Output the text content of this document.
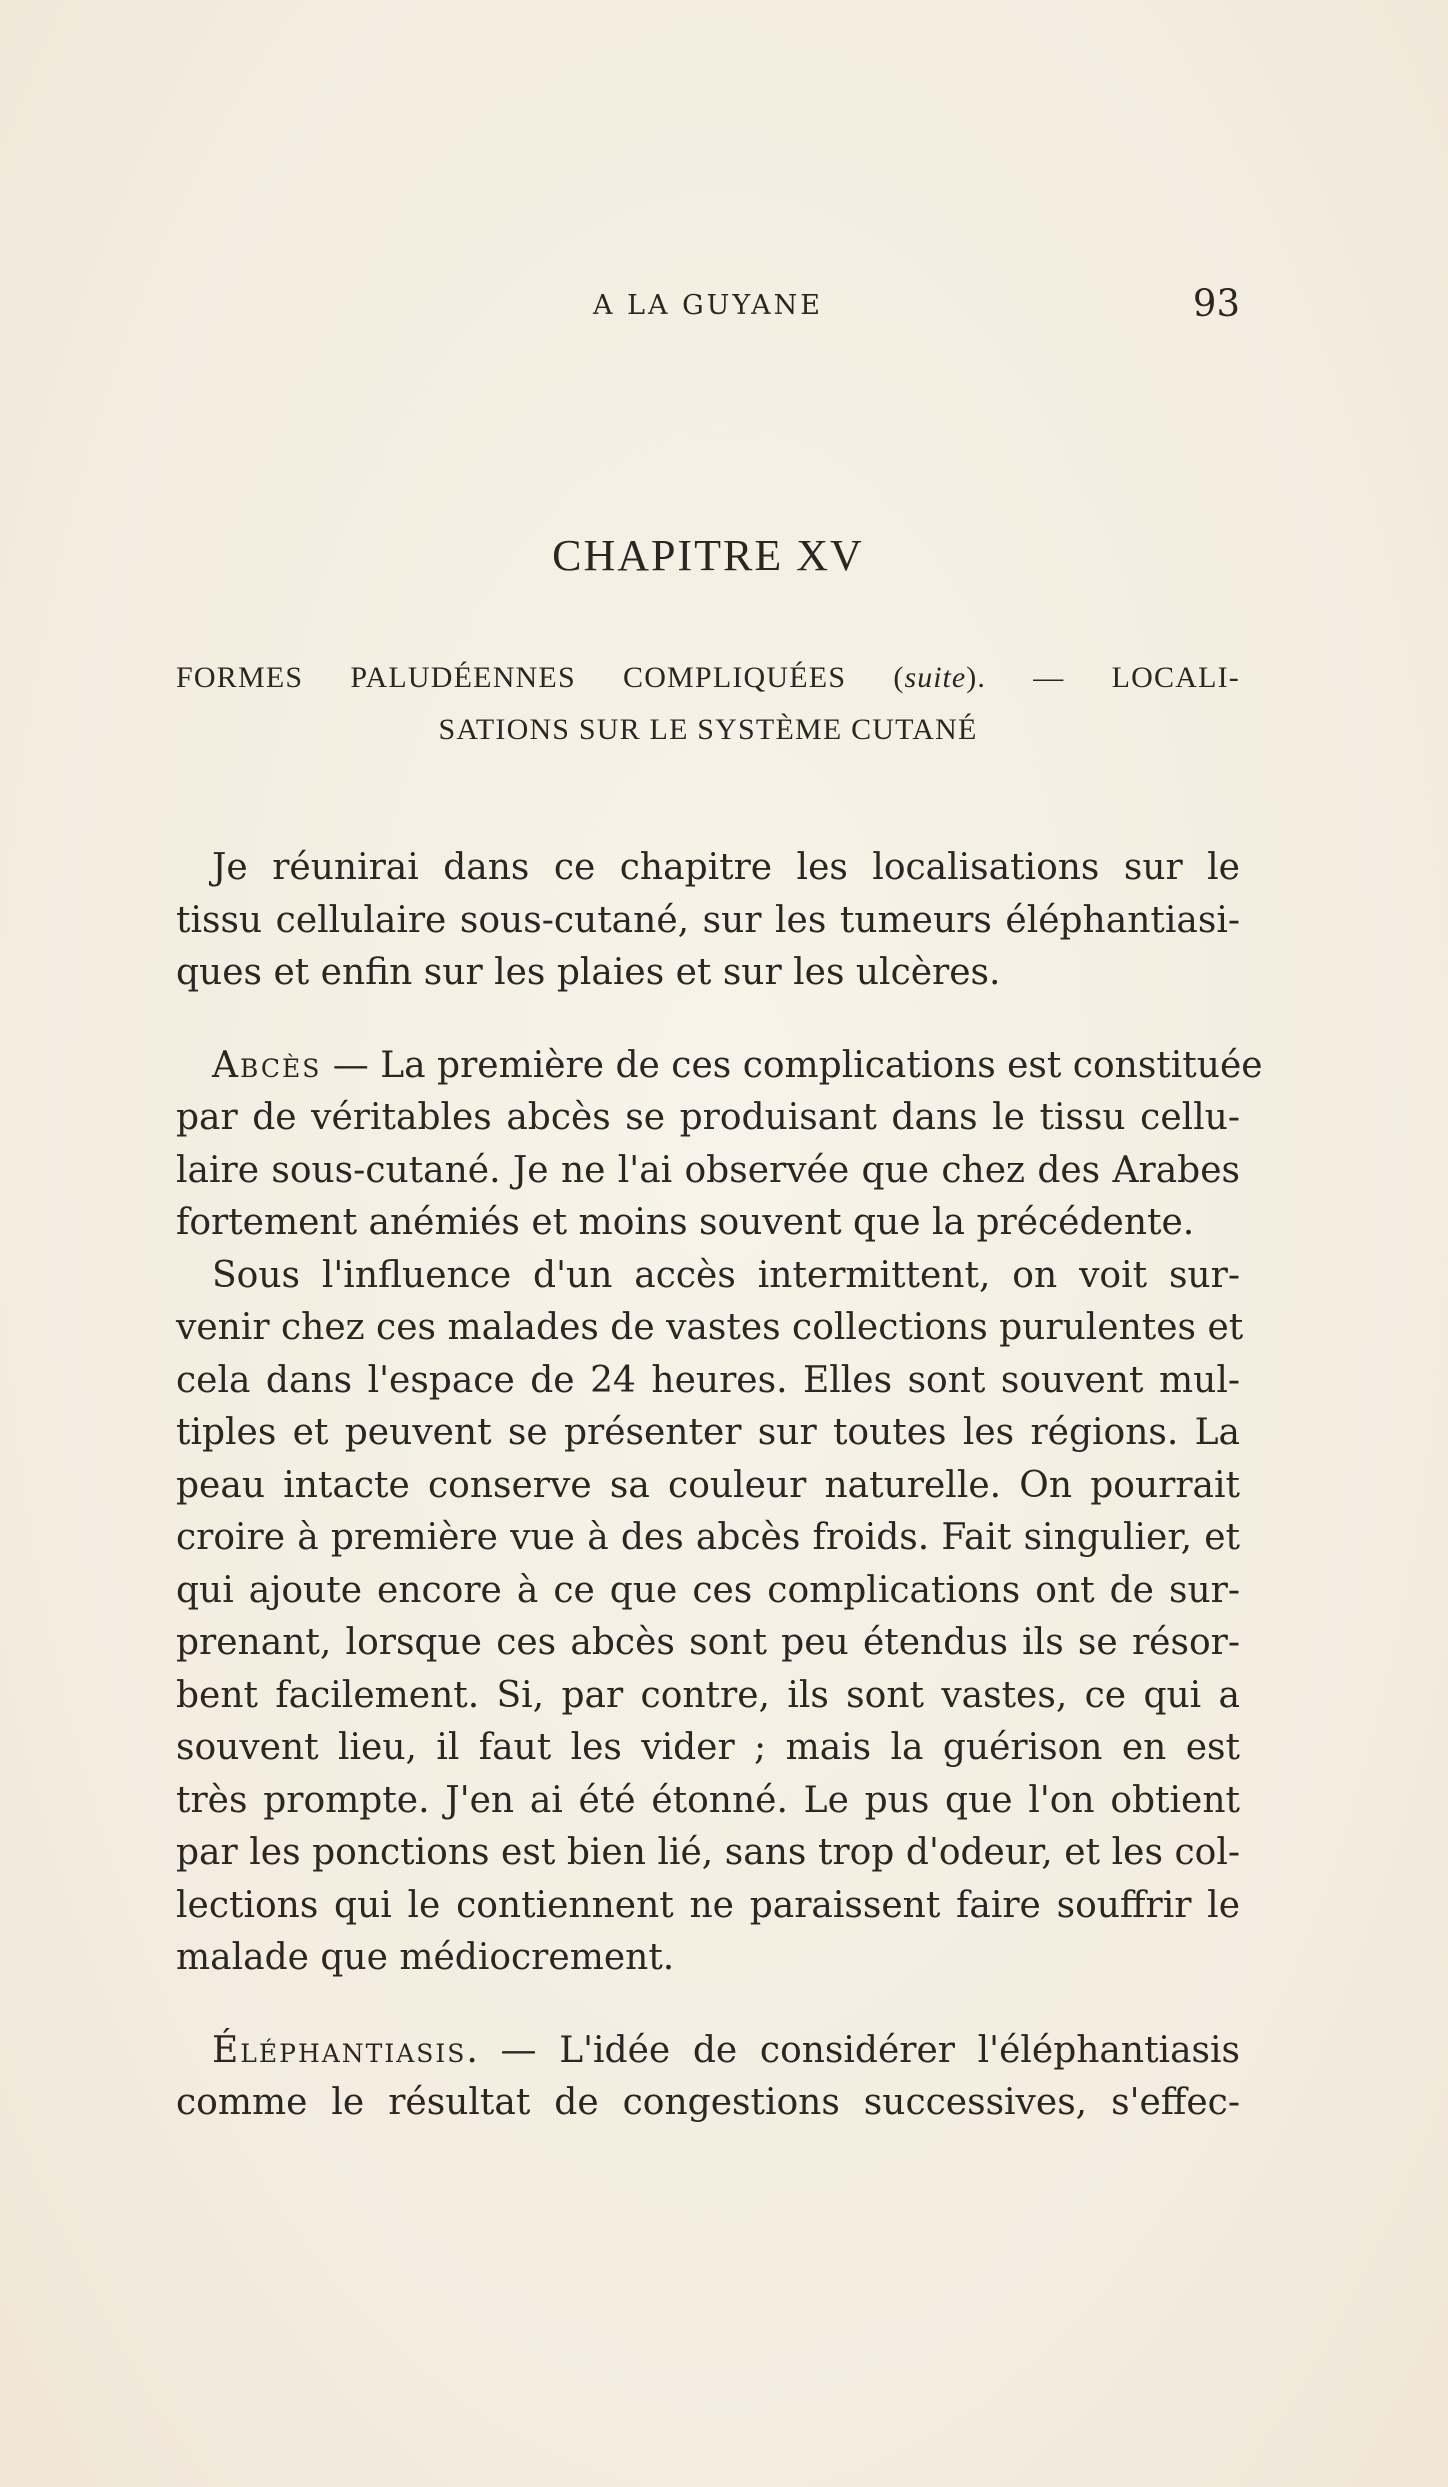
A LA GUYANE	93
CHAPITRE XV
FORMES PALUDÉENNES COMPLIQUÉES (suite). — LOCALI-
SATIONS SUR LE SYSTÈME CUTANÉ
Je réunirai dans ce chapitre les localisations sur le
tissu cellulaire sous-cutané, sur les tumeurs éléphantiasi-
ques et enfin sur les plaies et sur les ulcères.
Abcès — La première de ces complications est constituée
par de véritables abcès se produisant dans le tissu cellu-
laire sous-cutané. Je ne l'ai observée que chez des Arabes
fortement anémiés et moins souvent que la précédente.
Sous l'influence d'un accès intermittent, on voit sur-
venir chez ces malades de vastes collections purulentes et
cela dans l'espace de 24 heures. Elles sont souvent mul-
tiples et peuvent se présenter sur toutes les régions. La
peau intacte conserve sa couleur naturelle. On pourrait
croire à première vue à des abcès froids. Fait singulier, et
qui ajoute encore à ce que ces complications ont de sur-
prenant, lorsque ces abcès sont peu étendus ils se résor-
bent facilement. Si, par contre, ils sont vastes, ce qui a
souvent lieu, il faut les vider ; mais la guérison en est
très prompte. J'en ai été étonné. Le pus que l'on obtient
par les ponctions est bien lié, sans trop d'odeur, et les col-
lections qui le contiennent ne paraissent faire souffrir le
malade que médiocrement.
Éléphantiasis. — L'idée de considérer l'éléphantiasis
comme le résultat de congestions successives, s'effec-
